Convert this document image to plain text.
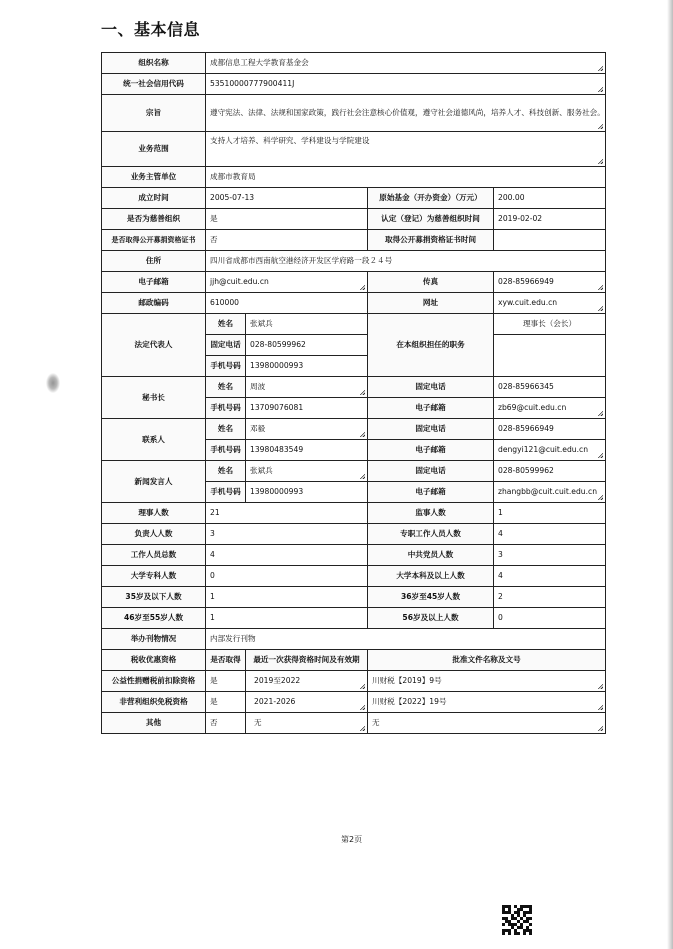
一、基本信息
组织名称	成都信息工程大学教育基金会			
统一社会信用代码	53510000777900411J			
宗旨	遵守宪法、法律、法规和国家政策，践行社会注意核心价值观，遵守社会道德风尚，培养人才、科技创新、服务社会。			
业务范围	支持人才培养、科学研究、学科建设与学院建设			
业务主管单位	成都市教育局			
成立时间	2005-07-13		原始基金（开办资金）（万元）	200.00
是否为慈善组织	是		认定（登记）为慈善组织时间	2019-02-02
是否取得公开募捐资格证书	否		取得公开募捐资格证书时间	
住所	四川省成都市西南航空港经济开发区学府路一段２４号			
电子邮箱	jjh@cuit.edu.cn		传真	028-85966949
邮政编码	610000		网址	xyw.cuit.edu.cn
法定代表人	姓名	张斌兵	在本组织担任的职务	理事长（会长）
	固定电话	028-80599962		
	手机号码	13980000993		
秘书长	姓名	周波	固定电话	028-85966345
	手机号码	13709076081	电子邮箱	zb69@cuit.edu.cn
联系人	姓名	邓毅	固定电话	028-85966949
	手机号码	13980483549	电子邮箱	dengyi121@cuit.edu.cn
新闻发言人	姓名	张斌兵	固定电话	028-80599962
	手机号码	13980000993	电子邮箱	zhangbb@cuit.cuit.edu.cn
理事人数	21		监事人数	1
负责人人数	3		专职工作人员人数	4
工作人员总数	4		中共党员人数	3
大学专科人数	0		大学本科及以上人数	4
35岁及以下人数	1		36岁至45岁人数	2
46岁至55岁人数	1		56岁及以上人数	0
举办刊物情况	内部发行刊物			
税收优惠资格	是否取得	最近一次获得资格时间及有效期	批准文件名称及文号	
公益性捐赠税前扣除资格	是	2019至2022	川财税【2019】9号	
非营利组织免税资格	是	2021-2026	川财税【2022】19号	
其他	否	无	无	
第2页
